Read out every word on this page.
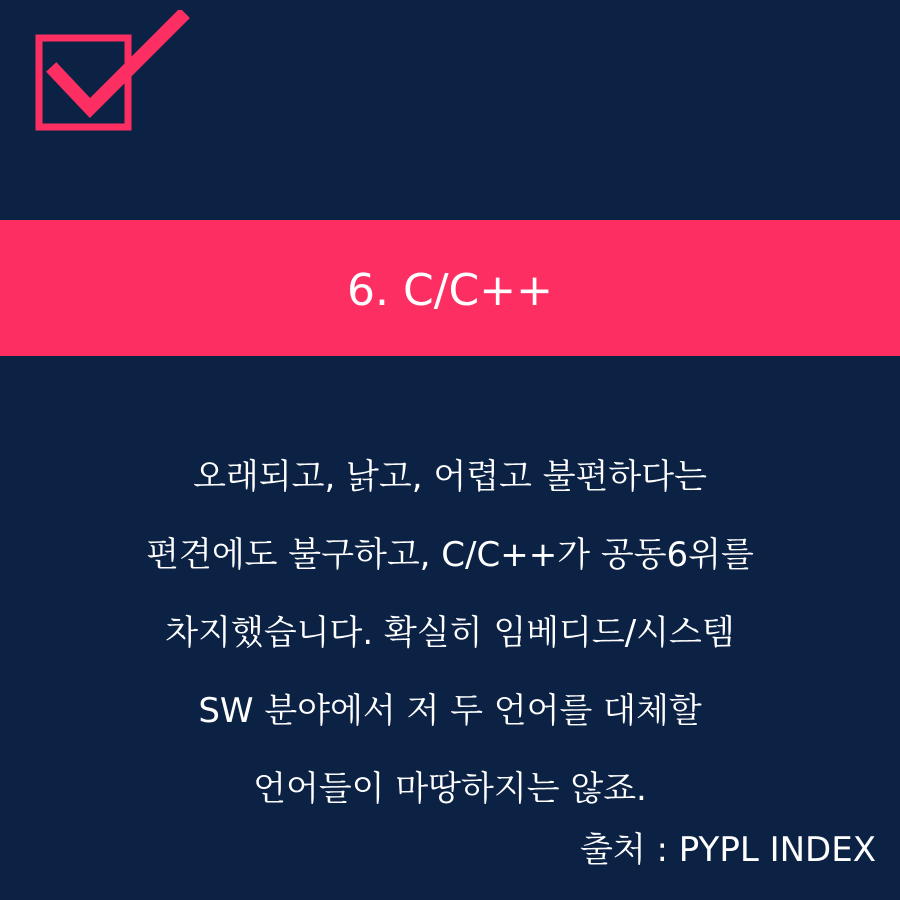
6. C/C++
오래되고, 낡고, 어렵고 불편하다는
편견에도 불구하고, C/C++가 공동6위를
차지했습니다. 확실히 임베디드/시스템
SW 분야에서 저 두 언어를 대체할
언어들이 마땅하지는 않죠.
출처 : PYPL INDEX
